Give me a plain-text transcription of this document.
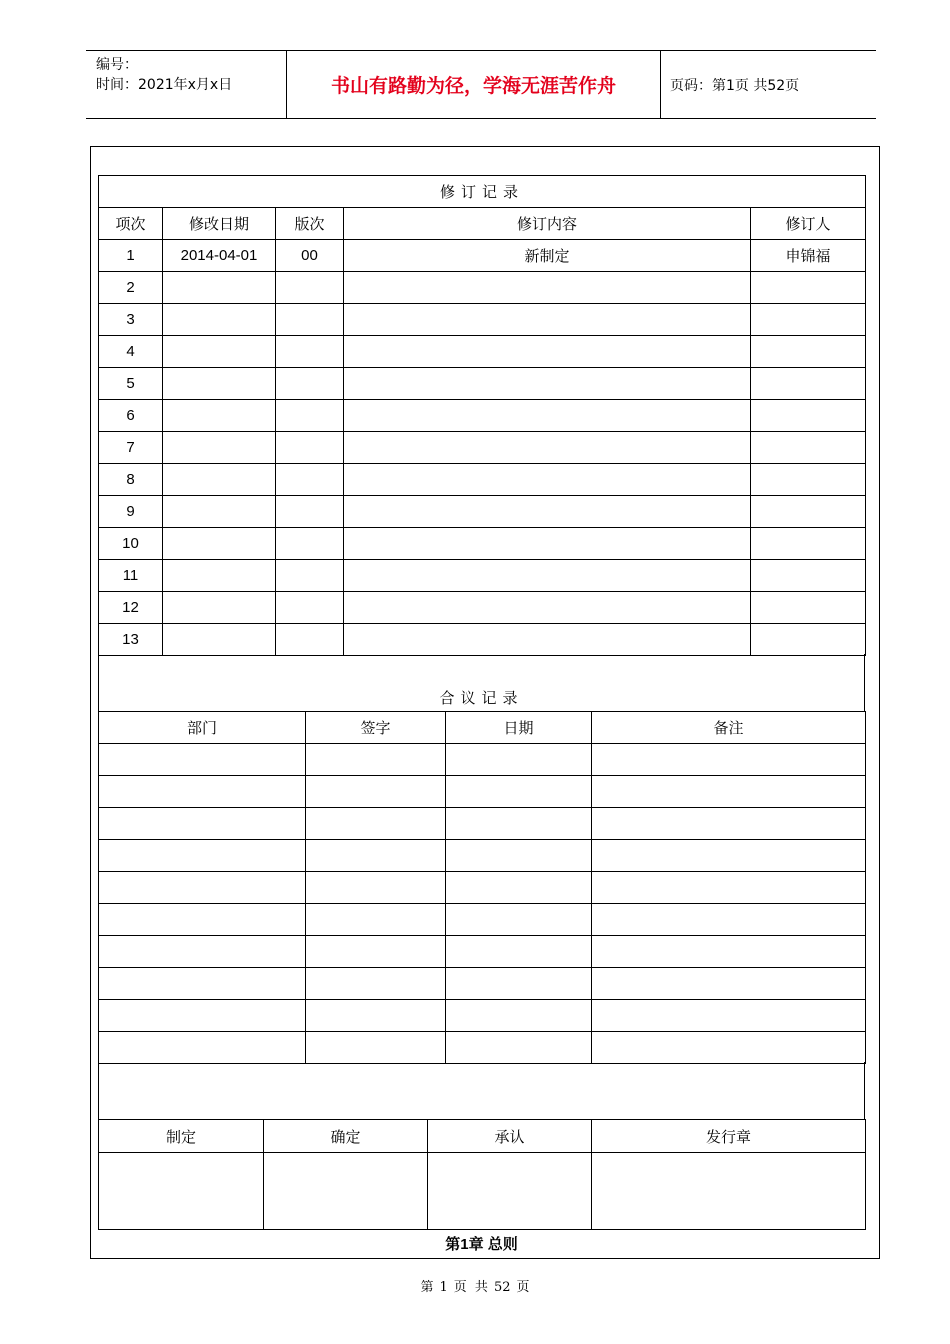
编号：
时间：2021年x月x日	书山有路勤为径，学海无涯苦作舟	页码：第1页 共52页
修订记录				
项次	修改日期	版次	修订内容	修订人
1	2014-04-01	00	新制定	申锦福
2				
3				
4				
5				
6				
7				
8				
9				
10				
11				
12				
13				
合议记录
部门	签字	日期	备注

制定	确定	承认	发行章

第1章 总则
第 1 页 共 52 页
